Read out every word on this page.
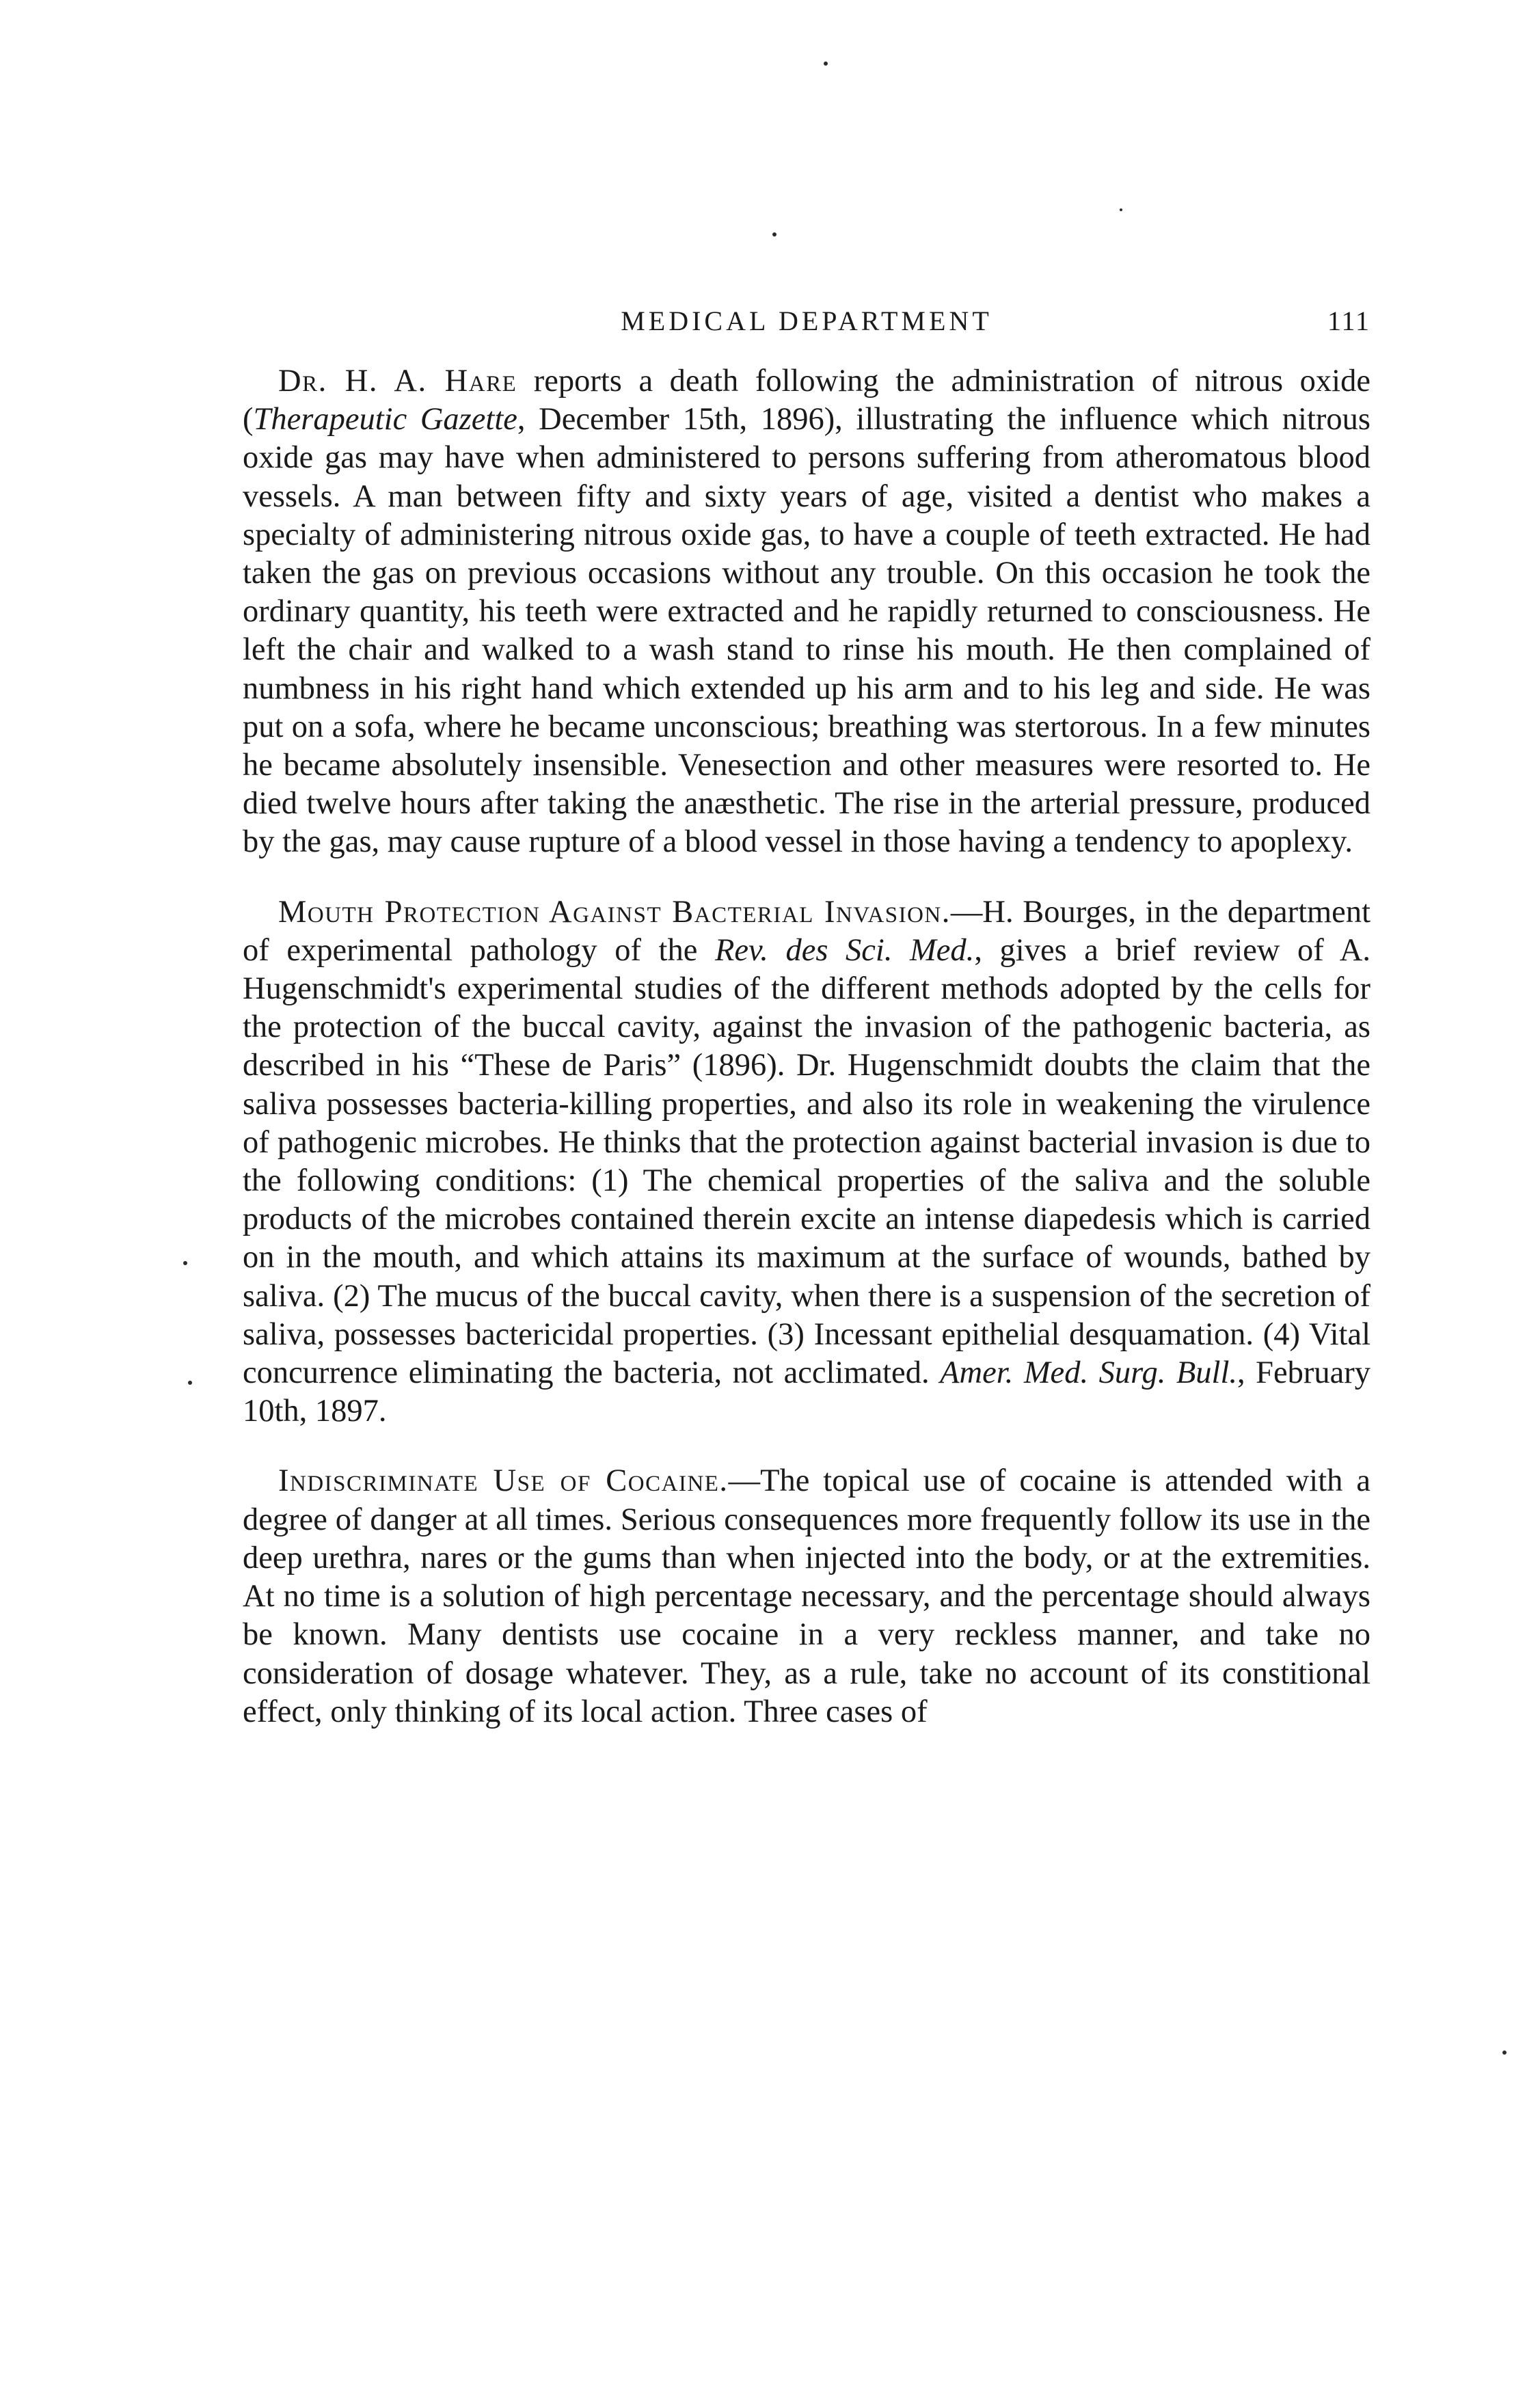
MEDICAL DEPARTMENT	111

Dr. H. A. Hare reports a death following the administration of nitrous oxide (Therapeutic Gazette, December 15th, 1896), illustrating the influence which nitrous oxide gas may have when administered to persons suffering from atheromatous blood vessels. A man between fifty and sixty years of age, visited a dentist who makes a specialty of administering nitrous oxide gas, to have a couple of teeth extracted. He had taken the gas on previous occasions without any trouble. On this occasion he took the ordinary quantity, his teeth were extracted and he rapidly returned to consciousness. He left the chair and walked to a wash stand to rinse his mouth. He then complained of numbness in his right hand which extended up his arm and to his leg and side. He was put on a sofa, where he became unconscious; breathing was stertorous. In a few minutes he became absolutely insensible. Venesection and other measures were resorted to. He died twelve hours after taking the anæsthetic. The rise in the arterial pressure, produced by the gas, may cause rupture of a blood vessel in those having a tendency to apoplexy.

Mouth Protection Against Bacterial Invasion.—H. Bourges, in the department of experimental pathology of the Rev. des Sci. Med., gives a brief review of A. Hugenschmidt's experimental studies of the different methods adopted by the cells for the protection of the buccal cavity, against the invasion of the pathogenic bacteria, as described in his “These de Paris” (1896). Dr. Hugenschmidt doubts the claim that the saliva possesses bacteria-killing properties, and also its role in weakening the virulence of pathogenic microbes. He thinks that the protection against bacterial invasion is due to the following conditions: (1) The chemical properties of the saliva and the soluble products of the microbes contained therein excite an intense diapedesis which is carried on in the mouth, and which attains its maximum at the surface of wounds, bathed by saliva. (2) The mucus of the buccal cavity, when there is a suspension of the secretion of saliva, possesses bactericidal properties. (3) Incessant epithelial desquamation. (4) Vital concurrence eliminating the bacteria, not acclimated. Amer. Med. Surg. Bull., February 10th, 1897.

Indiscriminate Use of Cocaine.—The topical use of cocaine is attended with a degree of danger at all times. Serious consequences more frequently follow its use in the deep urethra, nares or the gums than when injected into the body, or at the extremities. At no time is a solution of high percentage necessary, and the percentage should always be known. Many dentists use cocaine in a very reckless manner, and take no consideration of dosage whatever. They, as a rule, take no account of its constitional effect, only thinking of its local action. Three cases of
